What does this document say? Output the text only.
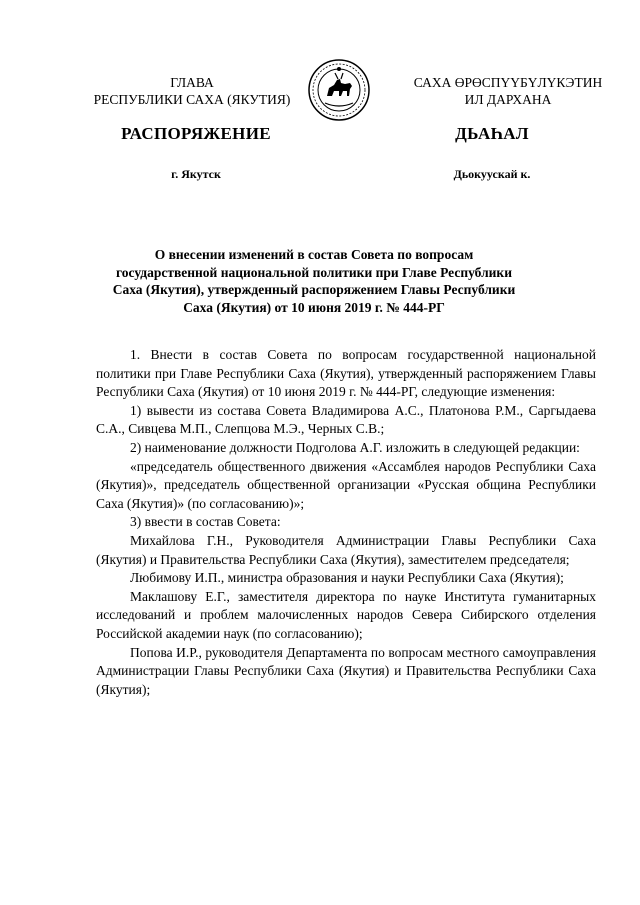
ГЛАВА
РЕСПУБЛИКИ САХА (ЯКУТИЯ)
САХА ӨРӨСПҮҮБҮЛҮКЭТИН
ИЛ ДАРХАНА
РАСПОРЯЖЕНИЕ	ДЬАҺАЛ
г. Якутск	Дьокуускай к.
О внесении изменений в состав Совета по вопросам
государственной национальной политики при Главе Республики
Саха (Якутия), утвержденный распоряжением Главы Республики
Саха (Якутия) от 10 июня 2019 г. № 444-РГ

1. Внести в состав Совета по вопросам государственной национальной политики при Главе Республики Саха (Якутия), утвержденный распоряжением Главы Республики Саха (Якутия) от 10 июня 2019 г. № 444-РГ, следующие изменения:

1) вывести из состава Совета Владимирова А.С., Платонова Р.М., Саргыдаева С.А., Сивцева М.П., Слепцова М.Э., Черных С.В.;

2) наименование должности Подголова А.Г. изложить в следующей редакции:

«председатель общественного движения «Ассамблея народов Республики Саха (Якутия)», председатель общественной организации «Русская община Республики Саха (Якутия)» (по согласованию)»;

3) ввести в состав Совета:

Михайлова Г.Н., Руководителя Администрации Главы Республики Саха (Якутия) и Правительства Республики Саха (Якутия), заместителем председателя;

Любимову И.П., министра образования и науки Республики Саха (Якутия);

Маклашову Е.Г., заместителя директора по науке Института гуманитарных исследований и проблем малочисленных народов Севера Сибирского отделения Российской академии наук (по согласованию);

Попова И.Р., руководителя Департамента по вопросам местного самоуправления Администрации Главы Республики Саха (Якутия) и Правительства Республики Саха (Якутия);
